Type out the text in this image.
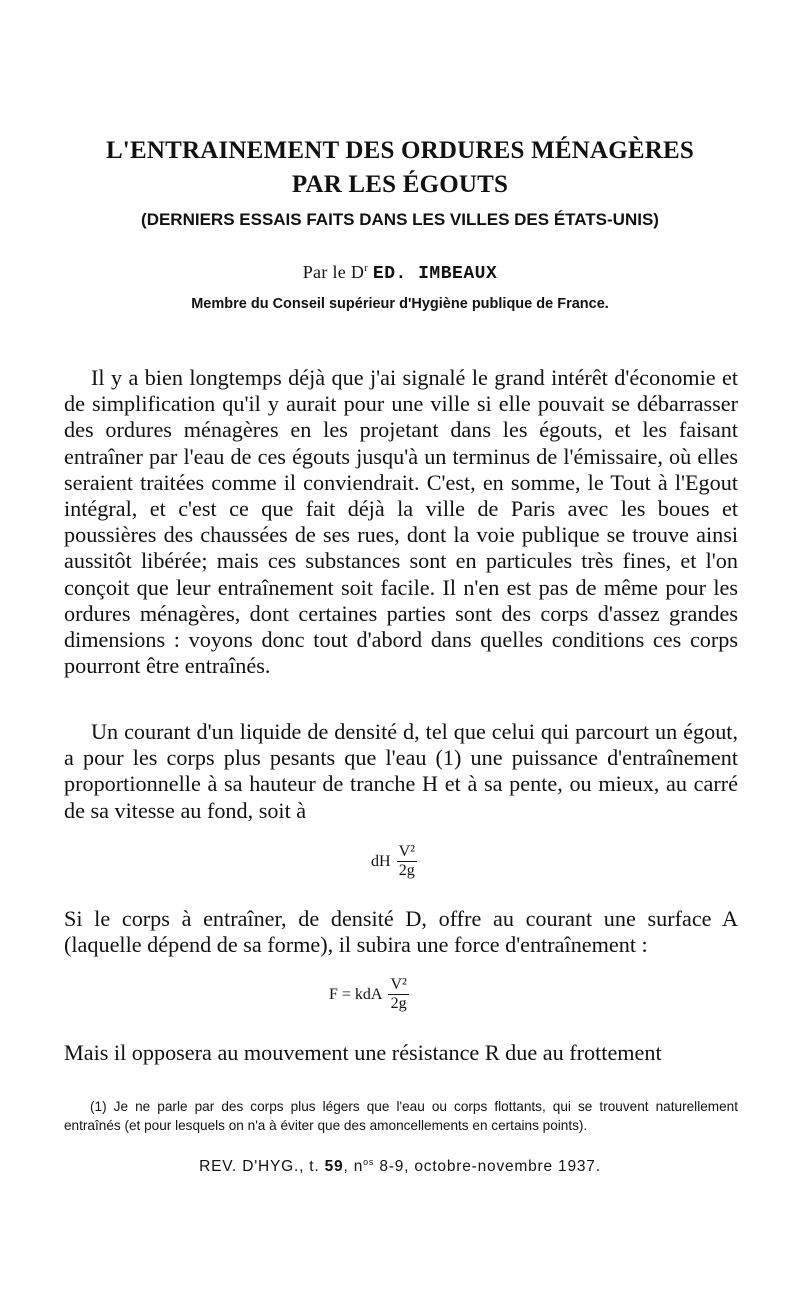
L'ENTRAINEMENT DES ORDURES MÉNAGÈRES
PAR LES ÉGOUTS
(DERNIERS ESSAIS FAITS DANS LES VILLES DES ÉTATS-UNIS)
Par le $D^r$ ED. IMBEAUX
Membre du Conseil supérieur d'Hygiène publique de France.

Il y a bien longtemps déjà que j'ai signalé le grand intérêt d'économie et de simplification qu'il y aurait pour une ville si elle pouvait se débarrasser des ordures ménagères en les projetant dans les égouts, et les faisant entraîner par l'eau de ces égouts jusqu'à un terminus de l'émissaire, où elles seraient traitées comme il conviendrait. C'est, en somme, le Tout à l'Egout intégral, et c'est ce que fait déjà la ville de Paris avec les boues et poussières des chaussées de ses rues, dont la voie publique se trouve ainsi aussitôt libérée; mais ces substances sont en particules très fines, et l'on conçoit que leur entraînement soit facile. Il n'en est pas de même pour les ordures ménagères, dont certaines parties sont des corps d'assez grandes dimensions : voyons donc tout d'abord dans quelles conditions ces corps pourront être entraînés.

Un courant d'un liquide de densité d, tel que celui qui parcourt un égout, a pour les corps plus pesants que l'eau (1) une puissance d'entraînement proportionnelle à sa hauteur de tranche H et à sa pente, ou mieux, au carré de sa vitesse au fond, soit à

dH $\frac{\text{V²}}{2g}$

Si le corps à entraîner, de densité D, offre au courant une surface A (laquelle dépend de sa forme), il subira une force d'entraînement :

F = kdA $\frac{\text{V²}}{2g}$

Mais il opposera au mouvement une résistance R due au frottement

(1) Je ne parle par des corps plus légers que l'eau ou corps flottants, qui se trouvent naturellement entraînés (et pour lesquels on n'a à éviter que des amoncellements en certains points).

REV. D'HYG., t. 59, $n^{os}$ 8-9, octobre-novembre 1937.
